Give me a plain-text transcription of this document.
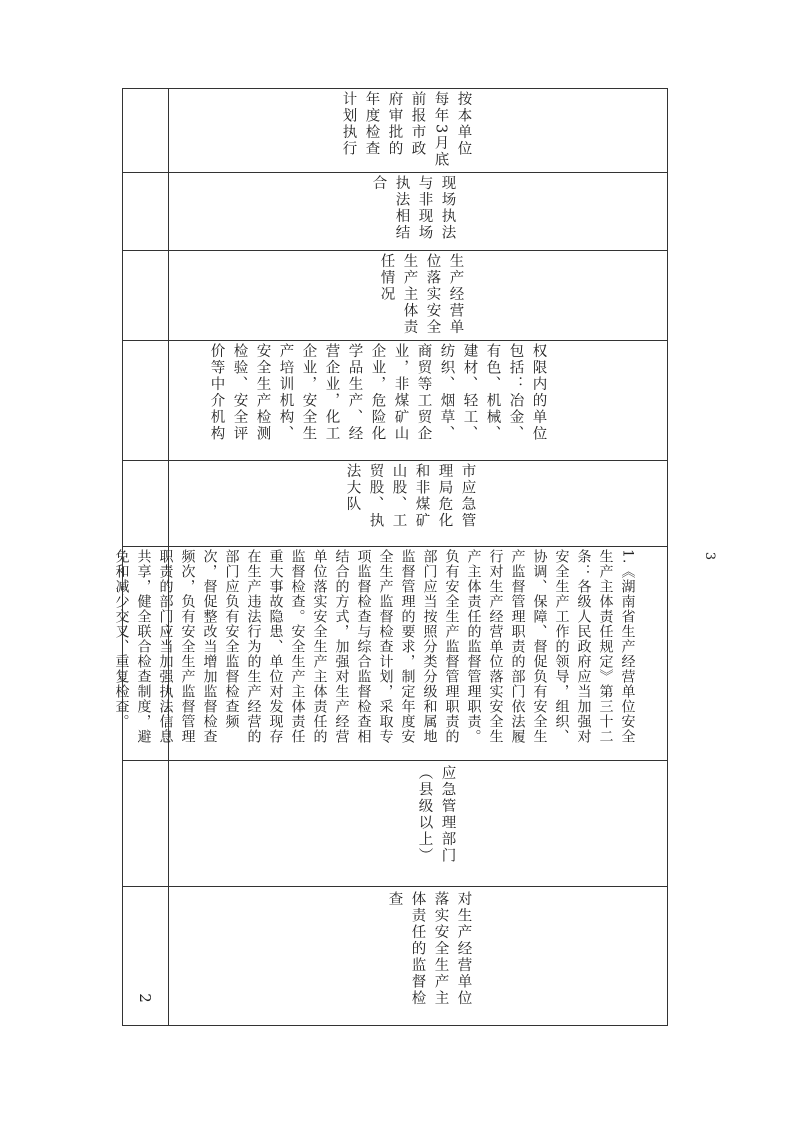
3
2
按本单位每年3月底前报市政府审批的年度检查计划执行
现场执法与非现场执法相结合
生产经营单位落实安全生产主体责任情况
权限内的单位包括：冶金、有色、机械、建材、轻工、纺织、烟草、商贸等工贸企业，非煤矿山企业，危险化学品生产、经营企业，化工企业，安全生产培训机构、安全生产检测检验、安全评价等中介机构
市应急管理局危化和非煤矿山股、工贸股、执法大队
1.《湖南省生产经营单位安全生产主体责任规定》第三十二条：各级人民政府应当加强对安全生产工作的领导，组织、协调、保障、督促负有安全生产监督管理职责的部门依法履行对生产经营单位落实安全生产主体责任的监督管理职责。负有安全生产监督管理职责的部门应当按照分类分级和属地监督管理的要求，制定年度安全生产监督检查计划，采取专项监督检查与综合监督检查相结合的方式，加强对生产经营单位落实安全生产主体责任的监督检查。安全生产主体责任重大事故隐患、单位对发现存在生产违法行为的生产经营的部门应负有安全监督检查频次，督促整改当增加监督检查频次，负有安全生产监督管理职责的部门应当加强执法信息共享，健全联合检查制度，避免和减少交叉、重复检查。
应急管理部门（县级以上）
对生产经营单位落实安全生产主体责任的监督检查
